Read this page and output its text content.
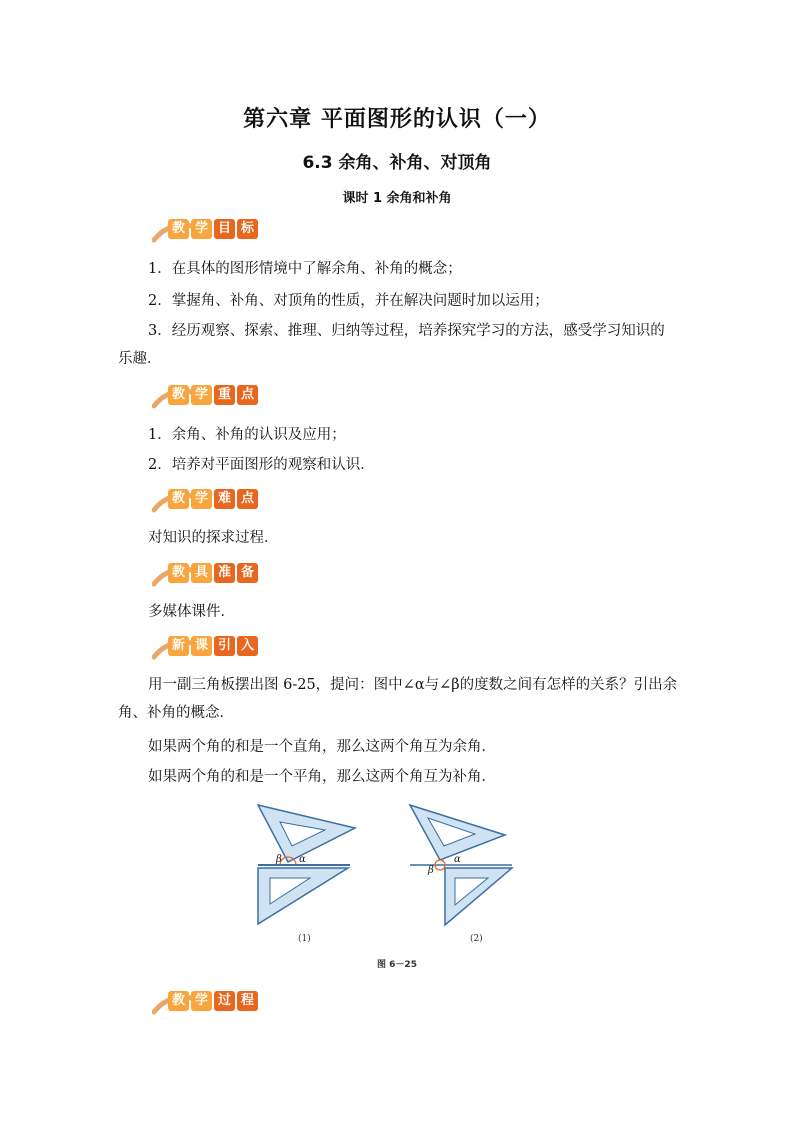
第六章 平面图形的认识（一）
6.3 余角、补角、对顶角
课时 1 余角和补角
教 学 目 标

1．在具体的图形情境中了解余角、补角的概念；

2．掌握角、补角、对顶角的性质，并在解决问题时加以运用；

3．经历观察、探索、推理、归纳等过程，培养探究学习的方法，感受学习知识的乐趣．

教 学 重 点

1．余角、补角的认识及应用；

2．培养对平面图形的观察和认识．

教 学 难 点

对知识的探求过程．

教 具 准 备

多媒体课件．

新 课 引 入

用一副三角板摆出图 6-25，提问：图中∠α与∠β的度数之间有怎样的关系？引出余角、补角的概念．

如果两个角的和是一个直角，那么这两个角互为余角．

如果两个角的和是一个平角，那么这两个角互为补角．

β α
β
α
(1)	(2)
图 6－25
教 学 过 程
